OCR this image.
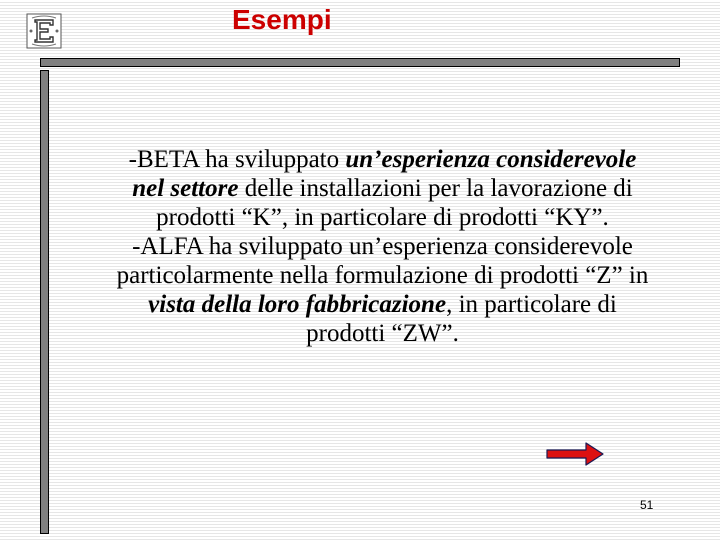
Esempi

-BETA ha sviluppato un’esperienza considerevole nel settore delle installazioni per la lavorazione di prodotti “K”, in particolare di prodotti “KY”.

-ALFA ha sviluppato un’esperienza considerevole particolarmente nella formulazione di prodotti “Z” in vista della loro fabbricazione, in particolare di prodotti “ZW”.

51
